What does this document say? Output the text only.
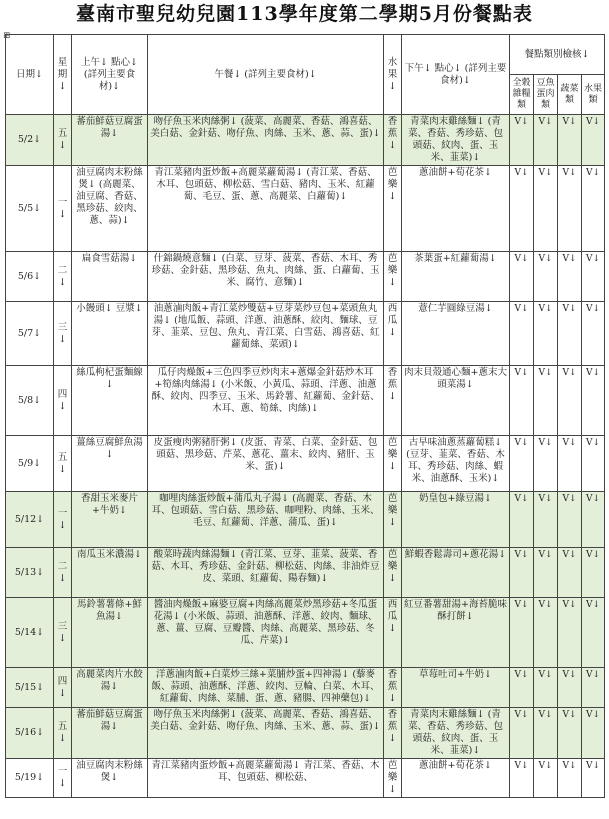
臺南市聖兒幼兒園113學年度第二學期5月份餐點表
⊞
日期↓	星期↓	上午↓ 點心↓ (詳列主要食材)↓	午餐↓ (詳列主要食材)↓	水果↓	下午↓ 點心↓ (詳列主要食材)↓	餐點類別檢核↓			
						全穀雜糧類	豆魚蛋肉類	蔬菜類	水果類
5/2↓	五↓	蕃茄鮮菇豆腐蛋湯↓	吻仔魚玉米肉絲粥↓ (菠菜、高麗菜、香菇、鴻喜菇、美白菇、金針菇、吻仔魚、肉絲、玉米、蔥、蒜、蛋)↓	香蕉↓	青菜肉末雞絲麵↓ (青菜、香菇、秀珍菇、包頭菇、紋肉、蛋、玉米、韮菜)↓	V↓	V↓	V↓	V↓
5/5↓	一↓	油豆腐肉末粉絲煲↓ (高麗菜、油豆腐、香菇、黑珍菇、絞肉、蔥、蒜)↓	青江菜豬肉蛋炒飯+高麗菜蘿蔔湯↓ (青江菜、香菇、木耳、包頭菇、柳松菇、雪白菇、豬肉、玉米、紅蘿蔔、毛豆、蛋、蔥、高麗菜、白蘿蔔)↓	芭樂↓	蔥油餅+荀花茶↓	V↓	V↓	V↓	V↓
5/6↓	二↓	扁食雪菇湯↓	什錦鍋燒意麵↓ (白菜、豆芽、菠菜、香菇、木耳、秀珍菇、金針菇、黑珍菇、魚丸、肉絲、蛋、白蘿蔔、玉米、腐竹、意麵)↓	芭樂↓	茶葉蛋+紅蘿蔔湯↓	V↓	V↓	V↓	V↓
5/7↓	三↓	小饅頭↓ 豆漿↓	油蔥滷肉飯+青江菜炒雙菇+豆芽菜炒豆包+菜頭魚丸湯↓ (地瓜飯、蒜頭、洋蔥、油蔥酥、絞肉、麵球、豆芽、韮菜、豆包、魚丸、青江菜、白雪菇、鴻喜菇、紅蘿蔔絲、菜頭)↓	西瓜↓	薏仁芋圓綠豆湯↓	V↓	V↓	V↓	V↓
5/8↓	四↓	絲瓜枸杞蛋麵線↓	瓜仔肉燥飯+三色四季豆炒肉末+蔥爆金針菇炒木耳+筍絲肉絲湯↓ (小米飯、小黃瓜、蒜頭、洋蔥、油蔥酥、絞肉、四季豆、玉米、馬鈴薯、紅蘿蔔、金針菇、木耳、蔥、筍絲、肉絲)↓	香蕉↓	肉末貝殼通心麵+蔥末大頭菜湯↓	V↓	V↓	V↓	V↓
5/9↓	五↓	薑絲豆腐鮮魚湯↓	皮蛋瘦肉粥豬肝粥↓ (皮蛋、青菜、白菜、金針菇、包頭菇、黑珍菇、芹菜、蔥花、薑末、絞肉、豬肝、玉米、蛋)↓	芭樂↓	古早味油蔥蒸蘿蔔糕↓ (豆芽、韮菜、香菇、木耳、秀珍菇、肉絲、蝦米、油蔥酥、玉米)↓	V↓	V↓	V↓	V↓
5/12↓	一↓	香甜玉米麥片+牛奶↓	咖哩肉絲蛋炒飯+蒲瓜丸子湯↓ (高麗菜、香菇、木耳、包頭菇、雪白菇、黑珍菇、咖哩粉、肉絲、玉米、毛豆、紅蘿蔔、洋蔥、蒲瓜、蛋)↓	芭樂↓	奶皇包+綠豆湯↓	V↓	V↓	V↓	V↓
5/13↓	二↓	南瓜玉米濃湯↓	酸菜時蔬肉絲湯麵↓ (青江菜、豆芽、韮菜、菠菜、香菇、木耳、秀珍菇、金針菇、柳松菇、肉絲、非油炸豆皮、菜頭、紅蘿蔔、陽春麵)↓	芭樂↓	鮮蝦香鬆壽司+蔥花湯↓	V↓	V↓	V↓	V↓
5/14↓	三↓	馬鈴薯薯條+鮮魚湯↓	醬油肉燥飯+麻婆豆腐+肉絲高麗菜炒黑珍菇+冬瓜蛋花湯↓ (小米飯、蒜頭、油蔥酥、洋蔥、絞肉、麵球、蔥、薑、豆腐、豆瓣醬、肉絲、高麗菜、黑珍菇、冬瓜、芹菜)↓	西瓜↓	紅豆番薯甜湯+海苔脆味酥打餅↓	V↓	V↓	V↓	V↓
5/15↓	四↓	高麗菜肉片水餃湯↓	洋蔥滷肉飯+白菜炒三絲+菜脯炒蛋+四神湯↓ (藜麥飯、蒜頭、油蔥酥、洋蔥、絞肉、豆輪、白菜、木耳、紅蘿蔔、肉絲、菜脯、蛋、蔥、豬腸、四神藥包)↓	香蕉↓	草莓吐司+牛奶↓	V↓	V↓	V↓	V↓
5/16↓	五↓	蕃茄鮮菇豆腐蛋湯↓	吻仔魚玉米肉絲粥↓ (菠菜、高麗菜、香菇、鴻喜菇、美白菇、金針菇、吻仔魚、肉絲、玉米、蔥、蒜、蛋)↓	香蕉↓	青菜肉末雞絲麵↓ (青菜、香菇、秀珍菇、包頭菇、紋肉、蛋、玉米、韮菜)↓	V↓	V↓	V↓	V↓
5/19↓	一↓	油豆腐肉末粉絲煲↓	青江菜豬肉蛋炒飯+高麗菜蘿蔔湯↓ 青江菜、香菇、木耳、包頭菇、柳松菇、	芭樂↓	蔥油餅+荀花茶↓	V↓	V↓	V↓	V↓
